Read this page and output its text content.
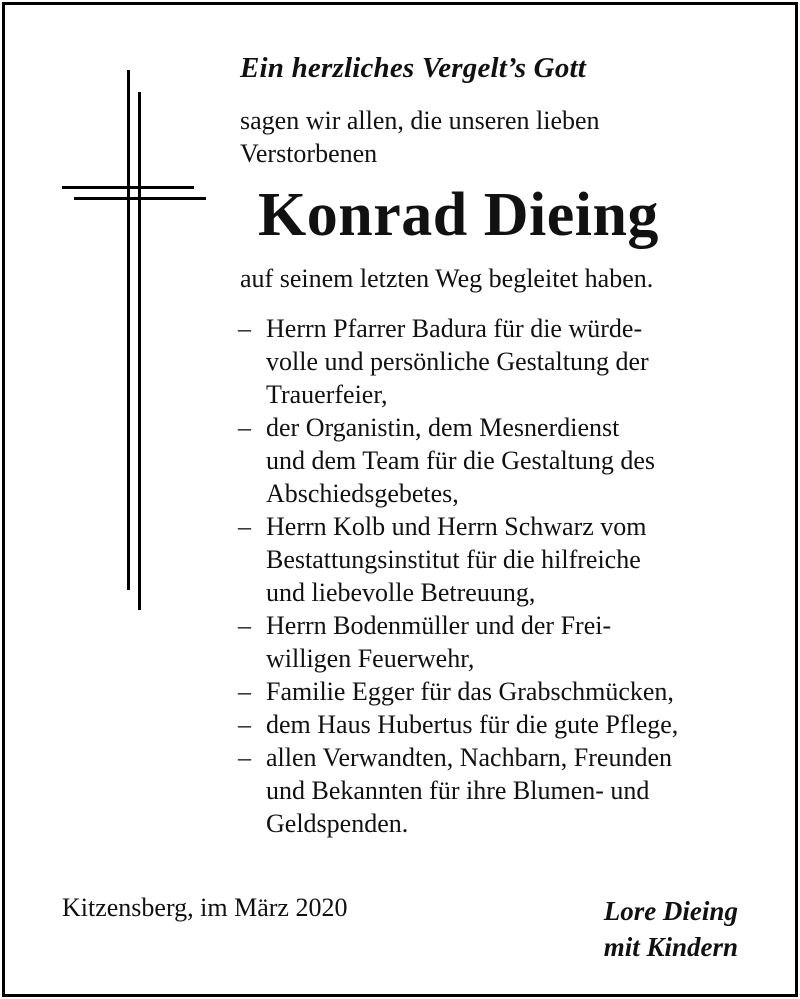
Ein herzliches Vergelt’s Gott
sagen wir allen, die unseren lieben
Verstorbenen
Konrad Dieing
auf seinem letzten Weg begleitet haben.
– Herrn Pfarrer Badura für die würde-
volle und persönliche Gestaltung der
Trauerfeier,
– der Organistin, dem Mesnerdienst
und dem Team für die Gestaltung des
Abschiedsgebetes,
– Herrn Kolb und Herrn Schwarz vom
Bestattungsinstitut für die hilfreiche
und liebevolle Betreuung,
– Herrn Bodenmüller und der Frei-
willigen Feuerwehr,
– Familie Egger für das Grabschmücken,
– dem Haus Hubertus für die gute Pflege,
– allen Verwandten, Nachbarn, Freunden
und Bekannten für ihre Blumen- und
Geldspenden.
Kitzensberg, im März 2020	Lore Dieing
mit Kindern
